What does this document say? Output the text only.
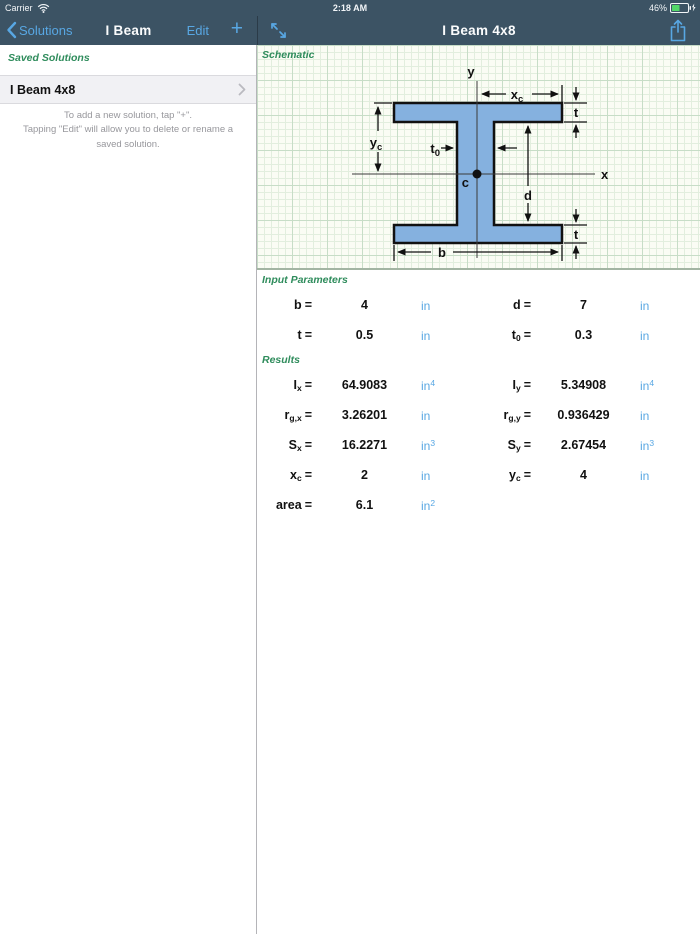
Carrier	2:18 AM	46%
Solutions	I Beam	Edit +	I Beam 4x8
Saved Solutions
I Beam 4x8
To add a new solution, tap "+".
Tapping "Edit" will allow you to delete or rename a
saved solution.
y
x
$x_c$
t
$y_c$	$t_0$
c
d
t
b
Schematic
Input Parameters
b =	4	in	d =	7	in
t =	0.5	in	$t_0$ =	0.3	in
Results
$I_x$ =	64.9083	$in^4$	$I_y$ =	5.34908	$in^4$
$r_{g,x}$ =	3.26201	in	$r_{g,y}$ =	0.936429	in
$S_x$ =	16.2271	$in^3$	$S_y$ =	2.67454	$in^3$
$x_c$ =	2	in	$y_c$ =	4	in
area =	6.1	$in^2$
